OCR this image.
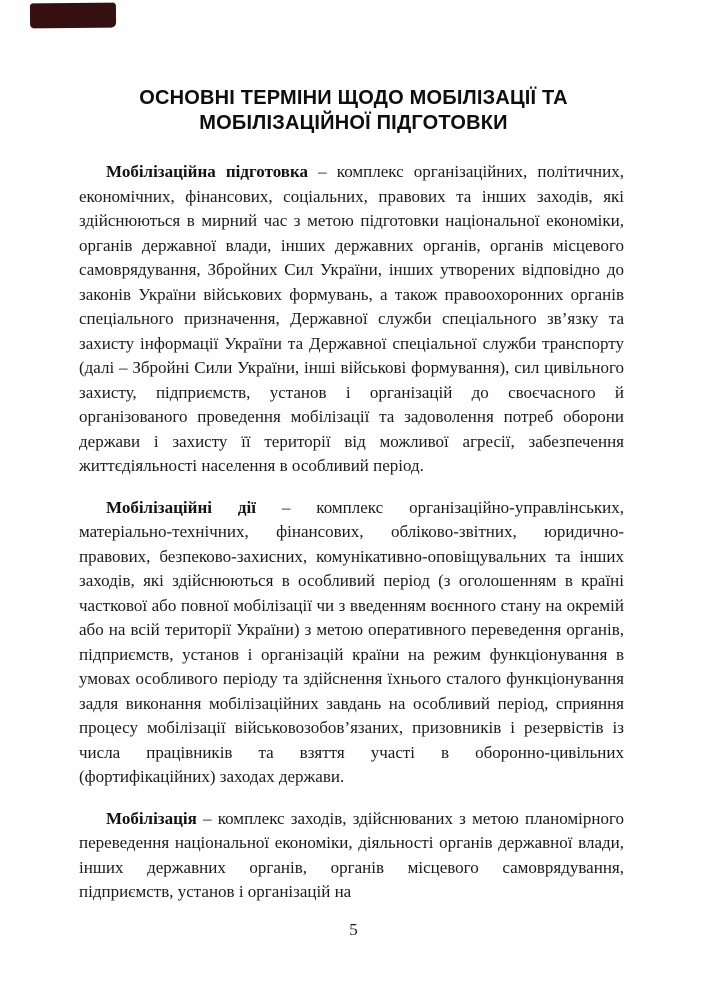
ОСНОВНІ ТЕРМІНИ ЩОДО МОБІЛІЗАЦІЇ ТА
МОБІЛІЗАЦІЙНОЇ ПІДГОТОВКИ

Мобілізаційна підготовка – комплекс організаційних, політичних, економічних, фінансових, соціальних, правових та інших заходів, які здійснюються в мирний час з метою підготовки національної економіки, органів державної влади, інших державних органів, органів місцевого самоврядування, Збройних Сил України, інших утворених відповідно до законів України військових формувань, а також правоохоронних органів спеціального призначення, Державної служби спеціального зв’язку та захисту інформації України та Державної спеціальної служби транспорту (далі – Збройні Сили України, інші військові формування), сил цивільного захисту, підприємств, установ і організацій до своєчасного й організованого проведення мобілізації та задоволення потреб оборони держави і захисту її території від можливої агресії, забезпечення життєдіяльності населення в особливий період.

Мобілізаційні дії – комплекс організаційно-управлінських, матеріально-технічних, фінансових, обліково-звітних, юридично-правових, безпеково-захисних, комунікативно-оповіщувальних та інших заходів, які здійснюються в особливий період (з оголошенням в країні часткової або повної мобілізації чи з введенням воєнного стану на окремій або на всій території України) з метою оперативного переведення органів, підприємств, установ і організацій країни на режим функціонування в умовах особливого періоду та здійснення їхнього сталого функціонування задля виконання мобілізаційних завдань на особливий період, сприяння процесу мобілізації військовозобов’язаних, призовників і резервістів із числа працівників та взяття участі в оборонно-цивільних (фортифікаційних) заходах держави.

Мобілізація – комплекс заходів, здійснюваних з метою планомірного переведення національної економіки, діяльності органів державної влади, інших державних органів, органів місцевого самоврядування, підприємств, установ і організацій на

5
